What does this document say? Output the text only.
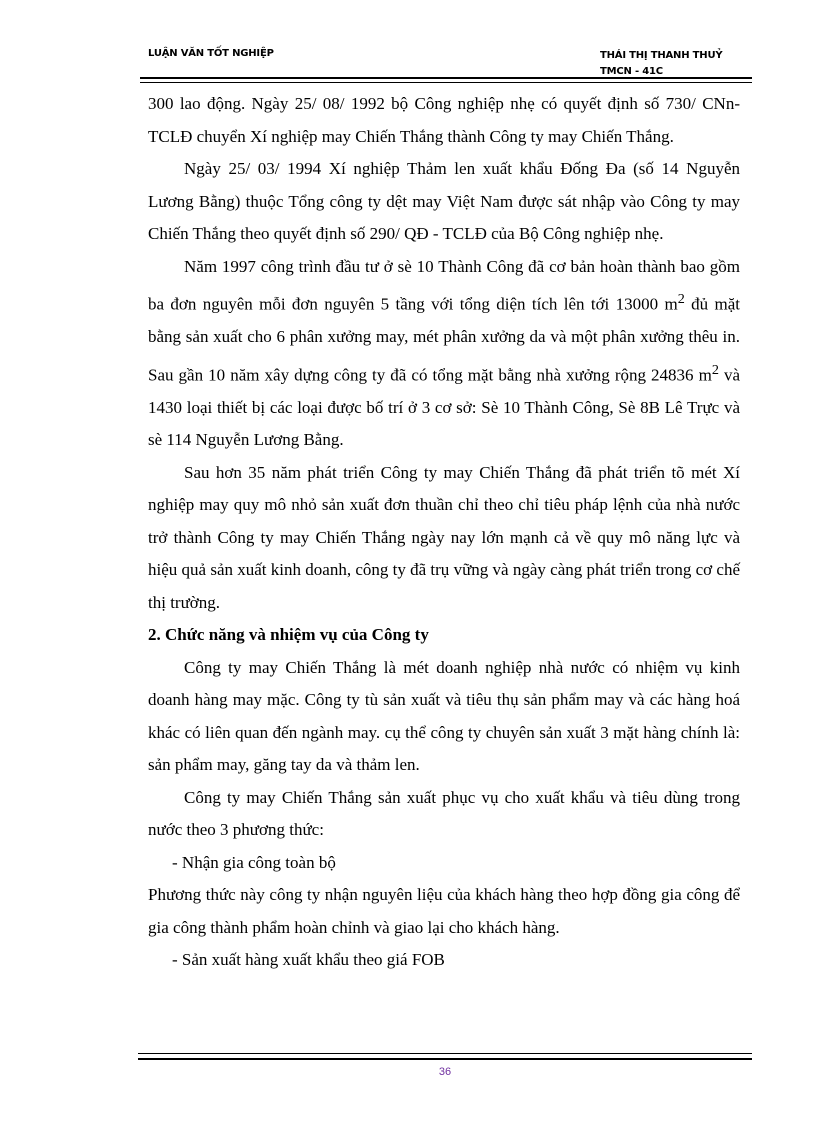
LUẬN VĂN TỐT NGHIỆP	THÁI THỊ THANH THUỶ
TMCN - 41C

300 lao động. Ngày 25/ 08/ 1992 bộ Công nghiệp nhẹ có quyết định số 730/ CNn-TCLĐ chuyển Xí nghiệp may Chiến Thắng thành Công ty may Chiến Thắng.

Ngày 25/ 03/ 1994 Xí nghiệp Thảm len xuất khẩu Đống Đa (số 14 Nguyễn Lương Bằng) thuộc Tổng công ty dệt may Việt Nam được sát nhập vào Công ty may Chiến Thắng theo quyết định số 290/ QĐ - TCLĐ của Bộ Công nghiệp nhẹ.

Năm 1997 công trình đầu tư ở sè 10 Thành Công đã cơ bản hoàn thành bao gồm ba đơn nguyên mỗi đơn nguyên 5 tầng với tổng diện tích lên tới 13000 $m^2$ đủ mặt bằng sản xuất cho 6 phân xưởng may, mét phân xưởng da và một phân xưởng thêu in. Sau gần 10 năm xây dựng công ty đã có tổng mặt bằng nhà xưởng rộng 24836 $m^2$ và 1430 loại thiết bị các loại được bố trí ở 3 cơ sở: Sè 10 Thành Công, Sè 8B Lê Trực và sè 114 Nguyễn Lương Bằng.

Sau hơn 35 năm phát triển Công ty may Chiến Thắng đã phát triển tõ mét Xí nghiệp may quy mô nhỏ sản xuất đơn thuần chỉ theo chỉ tiêu pháp lệnh của nhà nước trở thành Công ty may Chiến Thắng ngày nay lớn mạnh cả về quy mô năng lực và hiệu quả sản xuất kinh doanh, công ty đã trụ vững và ngày càng phát triển trong cơ chế thị trường.

2. Chức năng và nhiệm vụ của Công ty

Công ty may Chiến Thắng là mét doanh nghiệp nhà nước có nhiệm vụ kinh doanh hàng may mặc. Công ty tù sản xuất và tiêu thụ sản phẩm may và các hàng hoá khác có liên quan đến ngành may. cụ thể công ty chuyên sản xuất 3 mặt hàng chính là: sản phẩm may, găng tay da và thảm len.

Công ty may Chiến Thắng sản xuất phục vụ cho xuất khẩu và tiêu dùng trong nước theo 3 phương thức:

- Nhận gia công toàn bộ

Phương thức này công ty nhận nguyên liệu của khách hàng theo hợp đồng gia công để gia công thành phẩm hoàn chỉnh và giao lại cho khách hàng.

- Sản xuất hàng xuất khẩu theo giá FOB

36
